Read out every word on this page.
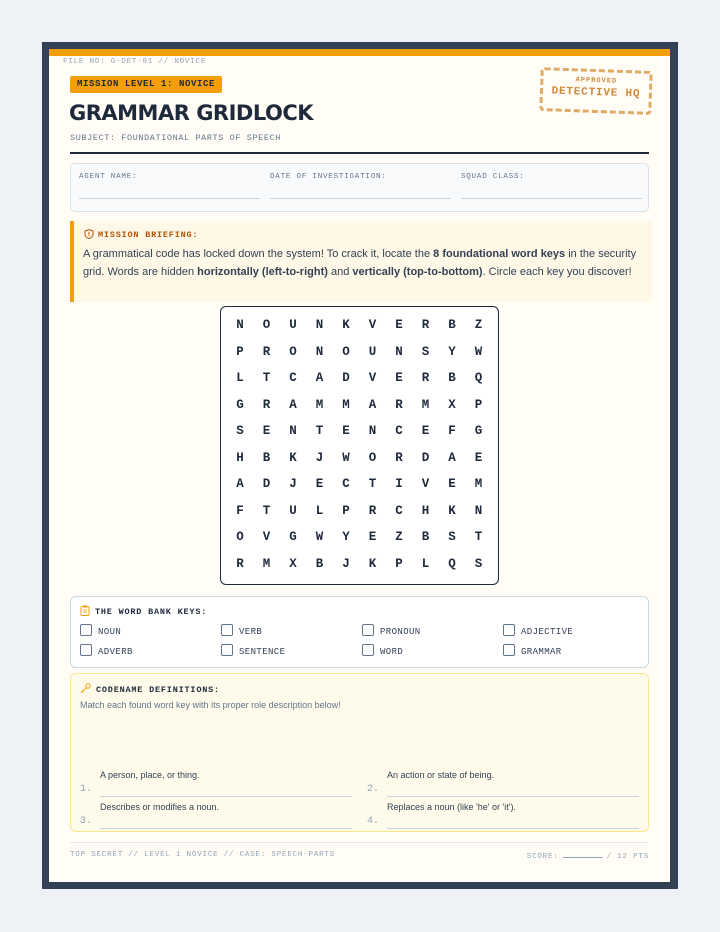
FILE NO: G-DET-01 // NOVICE
MISSION LEVEL 1: NOVICE
GRAMMAR GRIDLOCK
SUBJECT: FOUNDATIONAL PARTS OF SPEECH
APPROVED
DETECTIVE HQ
AGENT NAME:	DATE OF INVESTIGATION:	SQUAD CLASS:
MISSION BRIEFING:
A grammatical code has locked down the system! To crack it, locate the 8 foundational word keys in the security grid. Words are hidden horizontally (left-to-right) and vertically (top-to-bottom). Circle each key you discover!
N	O	U	N	K	V	E	R	B	Z
P	R	O	N	O	U	N	S	Y	W
L	T	C	A	D	V	E	R	B	Q
G	R	A	M	M	A	R	M	X	P
S	E	N	T	E	N	C	E	F	G
H	B	K	J	W	O	R	D	A	E
A	D	J	E	C	T	I	V	E	M
F	T	U	L	P	R	C	H	K	N
O	V	G	W	Y	E	Z	B	S	T
R	M	X	B	J	K	P	L	Q	S
THE WORD BANK KEYS:
NOUN	VERB	PRONOUN	ADJECTIVE
ADVERB	SENTENCE	WORD	GRAMMAR
CODENAME DEFINITIONS:
Match each found word key with its proper role description below!
1.
A person, place, or thing.
2.
An action or state of being.
3.
Describes or modifies a noun.
4.
Replaces a noun (like 'he' or 'it').
TOP SECRET // LEVEL 1 NOVICE // CASE: SPEECH-PARTS	SCORE:	/ 12 PTS
